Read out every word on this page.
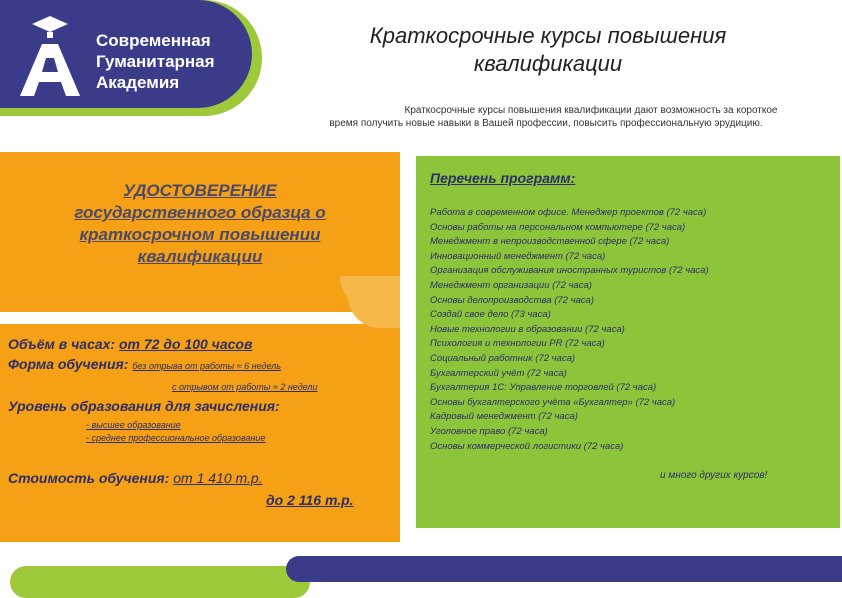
Современная
Гуманитарная
Академия
Краткосрочные курсы повышения
квалификации
Краткосрочные курсы повышения квалификации дают возможность за короткое
время получить новые навыки в Вашей профессии, повысить профессиональную эрудицию.
УДОСТОВЕРЕНИЕ
государственного образца о
краткосрочном повышении
квалификации
Объём в часах: от 72 до 100 часов
Форма обучения: без отрыва от работы ≈ 6 недель
с отрывом от работы ≈ 2 недели
Уровень образования для зачисления:
- высшее образование
- среднее профессиональное образование
Стоимость обучения: от 1 410 т.р.
до 2 116 т.р.
Перечень программ:
Работа в современном офисе. Менеджер проектов (72 часа)
Основы работы на персональном компьютере (72 часа)
Менеджмент в непроизводственной сфере (72 часа)
Инновационный менеджмент (72 часа)
Организация обслуживания иностранных туристов (72 часа)
Менеджмент организации (72 часа)
Основы делопроизводства (72 часа)
Создай свое дело (73 часа)
Новые технологии в образовании (72 часа)
Психология и технологии PR (72 часа)
Социальный работник (72 часа)
Бухгалтерский учёт (72 часа)
Бухгалтерия 1С: Управление торговлей (72 часа)
Основы бухгалтерского учёта «Бухгалтер» (72 часа)
Кадровый менеджмент (72 часа)
Уголовное право (72 часа)
Основы коммерческой логистики (72 часа)
и много других курсов!
